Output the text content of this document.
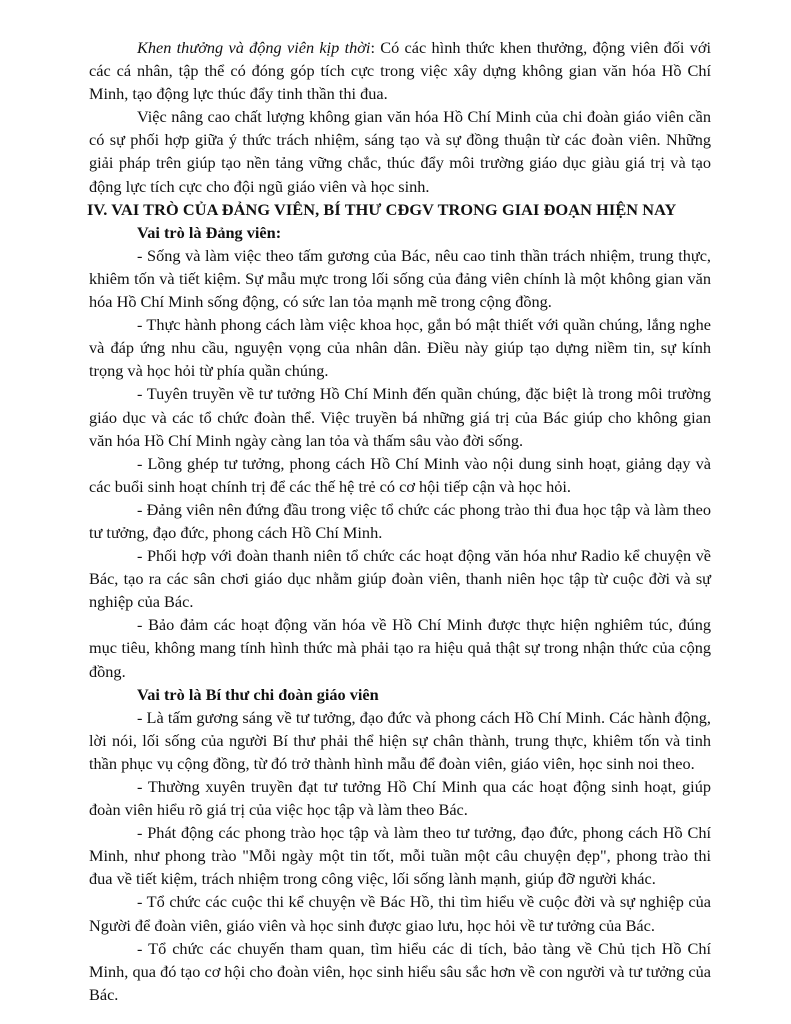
Khen thưởng và động viên kịp thời: Có các hình thức khen thưởng, động viên đối với các cá nhân, tập thể có đóng góp tích cực trong việc xây dựng không gian văn hóa Hồ Chí Minh, tạo động lực thúc đẩy tinh thần thi đua.

Việc nâng cao chất lượng không gian văn hóa Hồ Chí Minh của chi đoàn giáo viên cần có sự phối hợp giữa ý thức trách nhiệm, sáng tạo và sự đồng thuận từ các đoàn viên. Những giải pháp trên giúp tạo nền tảng vững chắc, thúc đẩy môi trường giáo dục giàu giá trị và tạo động lực tích cực cho đội ngũ giáo viên và học sinh.

IV. VAI TRÒ CỦA ĐẢNG VIÊN, BÍ THƯ CĐGV TRONG GIAI ĐOẠN HIỆN NAY

Vai trò là Đảng viên:

- Sống và làm việc theo tấm gương của Bác, nêu cao tinh thần trách nhiệm, trung thực, khiêm tốn và tiết kiệm. Sự mẫu mực trong lối sống của đảng viên chính là một không gian văn hóa Hồ Chí Minh sống động, có sức lan tỏa mạnh mẽ trong cộng đồng.

- Thực hành phong cách làm việc khoa học, gắn bó mật thiết với quần chúng, lắng nghe và đáp ứng nhu cầu, nguyện vọng của nhân dân. Điều này giúp tạo dựng niềm tin, sự kính trọng và học hỏi từ phía quần chúng.

- Tuyên truyền về tư tưởng Hồ Chí Minh đến quần chúng, đặc biệt là trong môi trường giáo dục và các tổ chức đoàn thể. Việc truyền bá những giá trị của Bác giúp cho không gian văn hóa Hồ Chí Minh ngày càng lan tỏa và thấm sâu vào đời sống.

- Lồng ghép tư tưởng, phong cách Hồ Chí Minh vào nội dung sinh hoạt, giảng dạy và các buổi sinh hoạt chính trị để các thế hệ trẻ có cơ hội tiếp cận và học hỏi.

- Đảng viên nên đứng đầu trong việc tổ chức các phong trào thi đua học tập và làm theo tư tưởng, đạo đức, phong cách Hồ Chí Minh.

- Phối hợp với đoàn thanh niên tổ chức các hoạt động văn hóa như Radio kể chuyện về Bác, tạo ra các sân chơi giáo dục nhằm giúp đoàn viên, thanh niên học tập từ cuộc đời và sự nghiệp của Bác.

- Bảo đảm các hoạt động văn hóa về Hồ Chí Minh được thực hiện nghiêm túc, đúng mục tiêu, không mang tính hình thức mà phải tạo ra hiệu quả thật sự trong nhận thức của cộng đồng.

Vai trò là Bí thư chi đoàn giáo viên

- Là tấm gương sáng về tư tưởng, đạo đức và phong cách Hồ Chí Minh. Các hành động, lời nói, lối sống của người Bí thư phải thể hiện sự chân thành, trung thực, khiêm tốn và tinh thần phục vụ cộng đồng, từ đó trở thành hình mẫu để đoàn viên, giáo viên, học sinh noi theo.

- Thường xuyên truyền đạt tư tưởng Hồ Chí Minh qua các hoạt động sinh hoạt, giúp đoàn viên hiểu rõ giá trị của việc học tập và làm theo Bác.

- Phát động các phong trào học tập và làm theo tư tưởng, đạo đức, phong cách Hồ Chí Minh, như phong trào "Mỗi ngày một tin tốt, mỗi tuần một câu chuyện đẹp", phong trào thi đua về tiết kiệm, trách nhiệm trong công việc, lối sống lành mạnh, giúp đỡ người khác.

- Tổ chức các cuộc thi kể chuyện về Bác Hồ, thi tìm hiểu về cuộc đời và sự nghiệp của Người để đoàn viên, giáo viên và học sinh được giao lưu, học hỏi về tư tưởng của Bác.

- Tổ chức các chuyến tham quan, tìm hiểu các di tích, bảo tàng về Chủ tịch Hồ Chí Minh, qua đó tạo cơ hội cho đoàn viên, học sinh hiểu sâu sắc hơn về con người và tư tưởng của Bác.
